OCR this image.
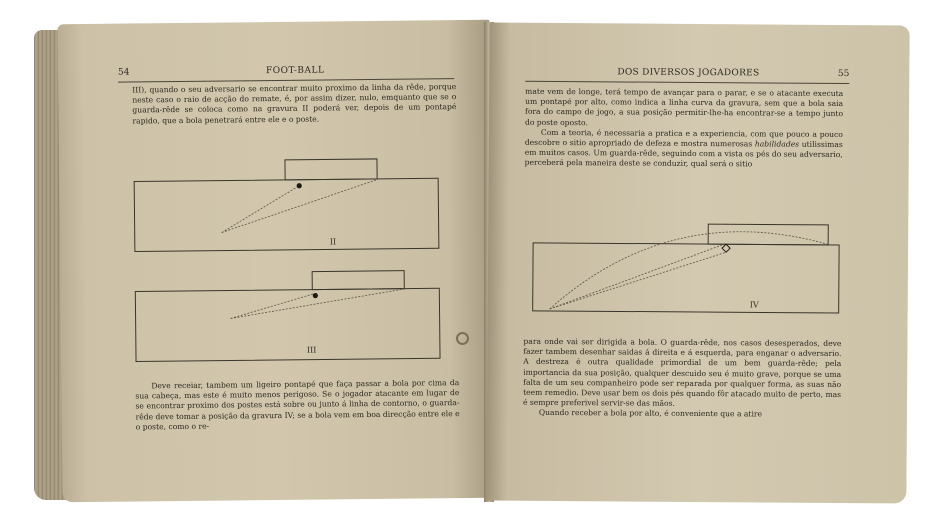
54	FOOT-BALL

III), quando o seu adversario se encontrar muito proximo da linha da rêde, porque neste caso o raio de acção do remate, é, por assim dizer, nulo, emquanto que se o guarda-rêde se coloca como na gravura II poderá ver, depois de um pontapé rapido, que a bola penetrará entre ele e o poste.

II
III

Deve receiar, tambem um ligeiro pontapé que faça passar a bola por cima da sua cabeça, mas este é muito menos perigoso. Se o jogador atacante em lugar de se encontrar proximo dos postes está sobre ou junto á linha de contorno, o guarda-rêde deve tomar a posição da gravura IV; se a bola vem em boa direcção entre ele e o poste, como o re-

DOS DIVERSOS JOGADORES	55

mate vem de longe, terá tempo de avançar para o parar, e se o atacante executa um pontapé por alto, como indica a linha curva da gravura, sem que a bola saia fora do campo de jogo, a sua posição permitir-lhe-ha encontrar-se a tempo junto do poste oposto.

Com a teoria, é necessaria a pratica e a experiencia, com que pouco a pouco descobre o sitio apropriado de defeza e mostra numerosas habilidades utilissimas em muitos casos. Um guarda-rêde, seguindo com a vista os pés do seu adversario, perceberá pela maneira deste se conduzir, qual será o sitio

IV

para onde vai ser dirigida a bola. O guarda-rêde, nos casos desesperados, deve fazer tambem desenhar saidas á direita e á esquerda, para enganar o adversario. A destreza é outra qualidade primordial de um bem guarda-rêde; pela importancia da sua posição, qualquer descuido seu é muito grave, porque se uma falta de um seu companheiro pode ser reparada por qualquer forma, as suas não teem remedio. Deve usar bem os dois pés quando fôr atacado muito de perto, mas é sempre preferivel servir-se das mãos.

Quando receber a bola por alto, é conveniente que a atire
